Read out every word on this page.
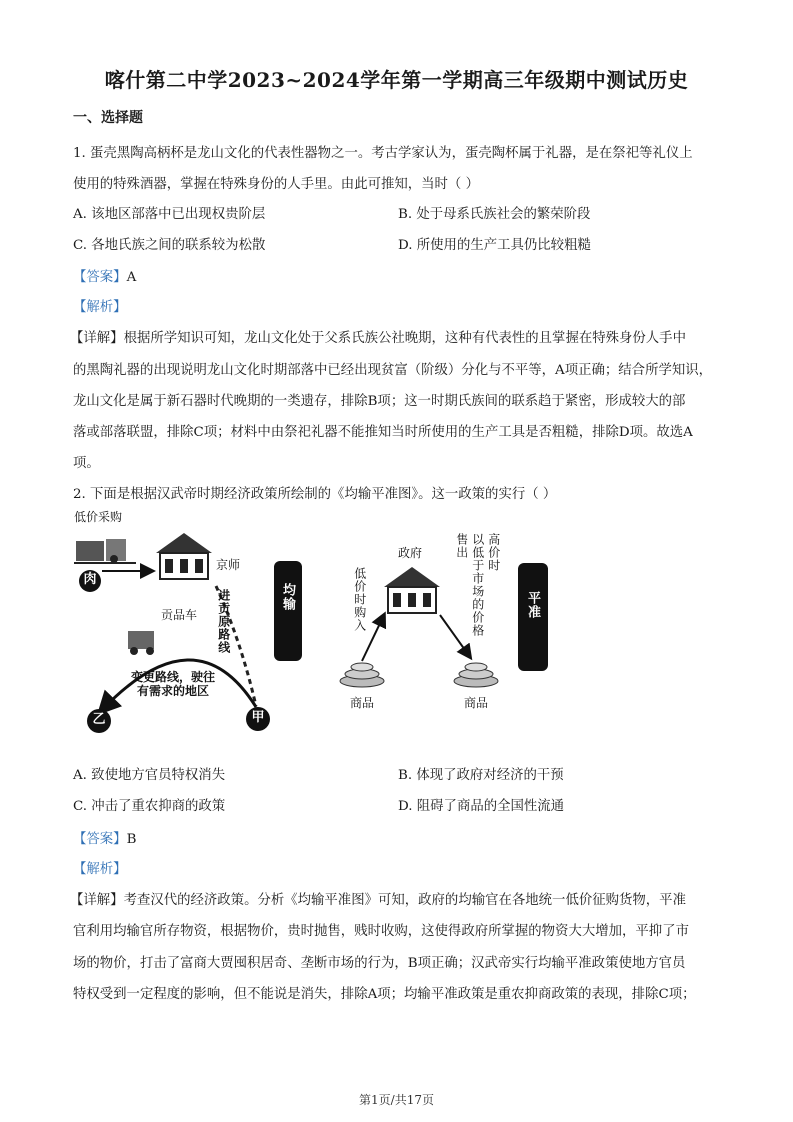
喀什第二中学2023~2024学年第一学期高三年级期中测试历史
一、选择题
1. 蛋壳黑陶高柄杯是龙山文化的代表性器物之一。考古学家认为，蛋壳陶杯属于礼器，是在祭祀等礼仪上
使用的特殊酒器，掌握在特殊身份的人手里。由此可推知，当时（ ）
A. 该地区部落中已出现权贵阶层	B. 处于母系氏族社会的繁荣阶段
C. 各地氏族之间的联系较为松散	D. 所使用的生产工具仍比较粗糙
【答案】A
【解析】
【详解】根据所学知识可知，龙山文化处于父系氏族公社晚期，这种有代表性的且掌握在特殊身份人手中
的黑陶礼器的出现说明龙山文化时期部落中已经出现贫富（阶级）分化与不平等，A项正确；结合所学知识，
龙山文化是属于新石器时代晚期的一类遗存，排除B项；这一时期氏族间的联系趋于紧密，形成较大的部
落或部落联盟，排除C项；材料中由祭祀礼器不能推知当时所使用的生产工具是否粗糙，排除D项。故选A
项。
2. 下面是根据汉武帝时期经济政策所绘制的《均输平准图》。这一政策的实行（ ）
低价采购
肉
京师
贡品车 进贡原路线	均输
变更路线，驶往有需求的地区
乙	甲
政府
低价时购入
售出 以低于市场的价格 高价时
平准
商品	商品
A. 致使地方官员特权消失	B. 体现了政府对经济的干预
C. 冲击了重农抑商的政策	D. 阻碍了商品的全国性流通
【答案】B
【解析】
【详解】考查汉代的经济政策。分析《均输平准图》可知，政府的均输官在各地统一低价征购货物，平准
官利用均输官所存物资，根据物价，贵时抛售，贱时收购，这使得政府所掌握的物资大大增加，平抑了市
场的物价，打击了富商大贾囤积居奇、垄断市场的行为，B项正确；汉武帝实行均输平准政策使地方官员
特权受到一定程度的影响，但不能说是消失，排除A项；均输平准政策是重农抑商政策的表现，排除C项；
第1页/共17页
